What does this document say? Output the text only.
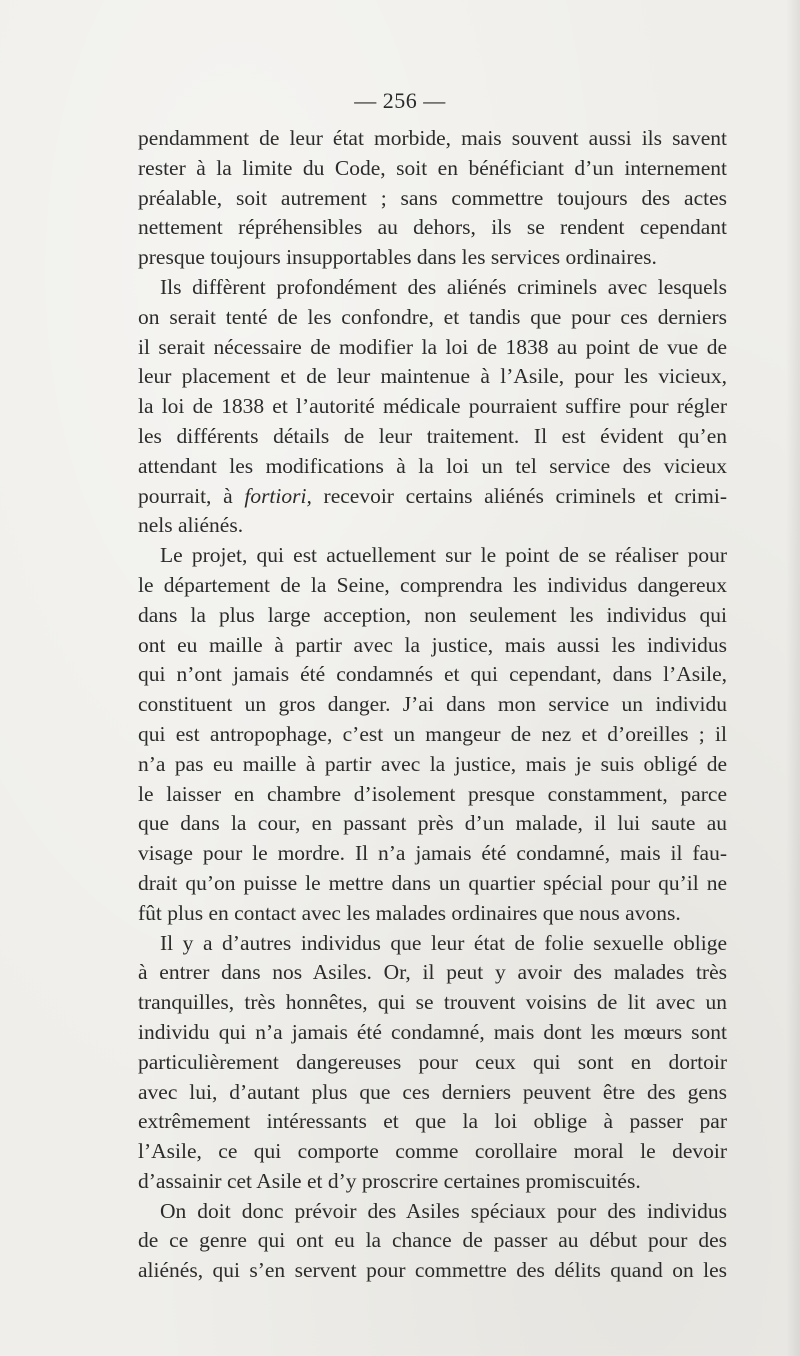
— 256 —
pendamment de leur état morbide, mais souvent aussi ils savent
rester à la limite du Code, soit en bénéficiant d’un internement
préalable, soit autrement ; sans commettre toujours des actes
nettement répréhensibles au dehors, ils se rendent cependant
presque toujours insupportables dans les services ordinaires.
Ils diffèrent profondément des aliénés criminels avec lesquels
on serait tenté de les confondre, et tandis que pour ces derniers
il serait nécessaire de modifier la loi de 1838 au point de vue de
leur placement et de leur maintenue à l’Asile, pour les vicieux,
la loi de 1838 et l’autorité médicale pourraient suffire pour régler
les différents détails de leur traitement. Il est évident qu’en
attendant les modifications à la loi un tel service des vicieux
pourrait, à fortiori, recevoir certains aliénés criminels et crimi-
nels aliénés.
Le projet, qui est actuellement sur le point de se réaliser pour
le département de la Seine, comprendra les individus dangereux
dans la plus large acception, non seulement les individus qui
ont eu maille à partir avec la justice, mais aussi les individus
qui n’ont jamais été condamnés et qui cependant, dans l’Asile,
constituent un gros danger. J’ai dans mon service un individu
qui est antropophage, c’est un mangeur de nez et d’oreilles ; il
n’a pas eu maille à partir avec la justice, mais je suis obligé de
le laisser en chambre d’isolement presque constamment, parce
que dans la cour, en passant près d’un malade, il lui saute au
visage pour le mordre. Il n’a jamais été condamné, mais il fau-
drait qu’on puisse le mettre dans un quartier spécial pour qu’il ne
fût plus en contact avec les malades ordinaires que nous avons.
Il y a d’autres individus que leur état de folie sexuelle oblige
à entrer dans nos Asiles. Or, il peut y avoir des malades très
tranquilles, très honnêtes, qui se trouvent voisins de lit avec un
individu qui n’a jamais été condamné, mais dont les mœurs sont
particulièrement dangereuses pour ceux qui sont en dortoir
avec lui, d’autant plus que ces derniers peuvent être des gens
extrêmement intéressants et que la loi oblige à passer par
l’Asile, ce qui comporte comme corollaire moral le devoir
d’assainir cet Asile et d’y proscrire certaines promiscuités.
On doit donc prévoir des Asiles spéciaux pour des individus
de ce genre qui ont eu la chance de passer au début pour des
aliénés, qui s’en servent pour commettre des délits quand on les
